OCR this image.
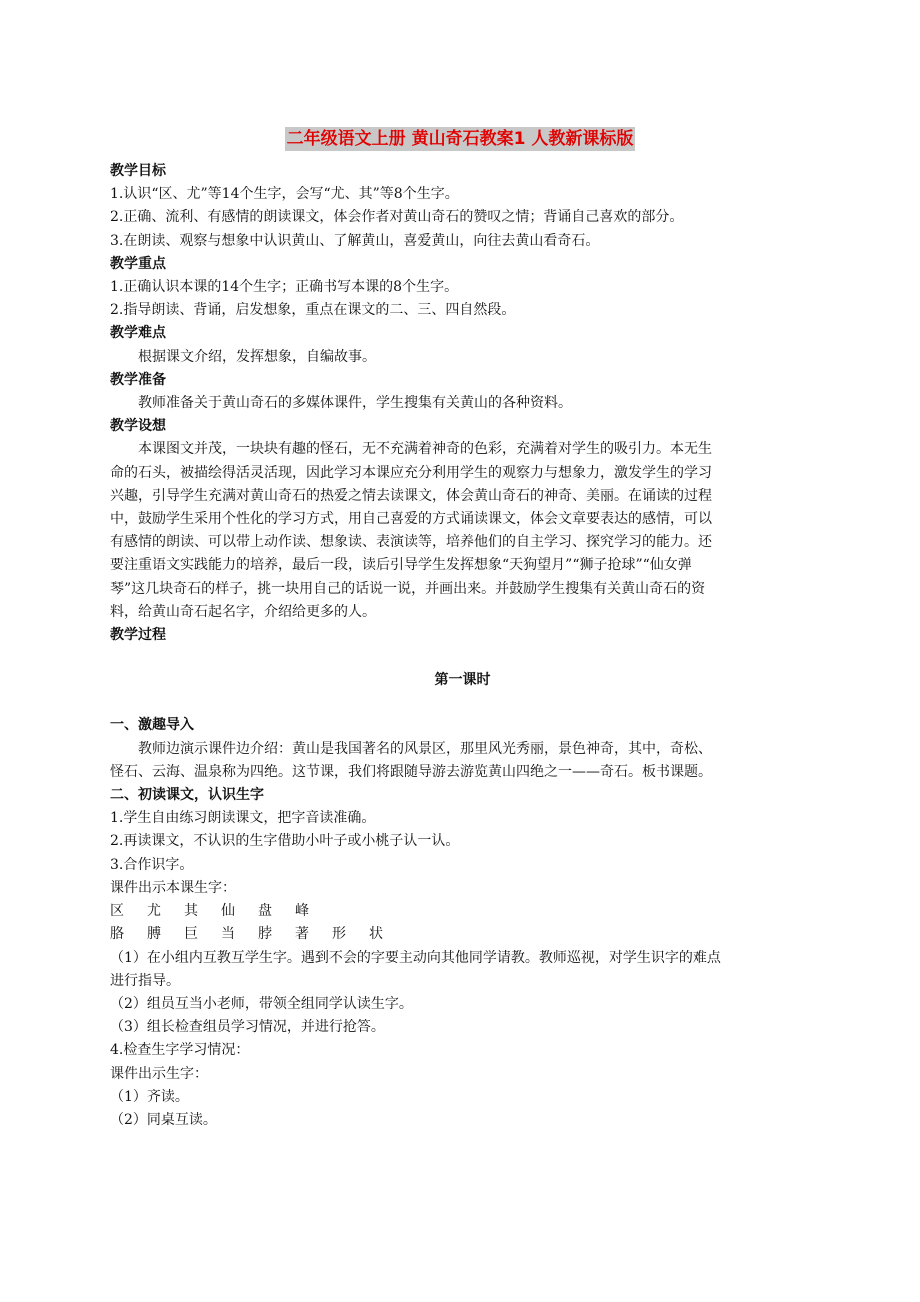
二年级语文上册 黄山奇石教案1 人教新课标版
教学目标
1.认识“区、尤”等14个生字，会写“尤、其”等8个生字。
2.正确、流利、有感情的朗读课文，体会作者对黄山奇石的赞叹之情；背诵自己喜欢的部分。
3.在朗读、观察与想象中认识黄山、了解黄山，喜爱黄山，向往去黄山看奇石。
教学重点
1.正确认识本课的14个生字；正确书写本课的8个生字。
2.指导朗读、背诵，启发想象，重点在课文的二、三、四自然段。
教学难点
根据课文介绍，发挥想象，自编故事。
教学准备
教师准备关于黄山奇石的多媒体课件，学生搜集有关黄山的各种资料。
教学设想
本课图文并茂，一块块有趣的怪石，无不充满着神奇的色彩，充满着对学生的吸引力。本无生
命的石头，被描绘得活灵活现，因此学习本课应充分利用学生的观察力与想象力，激发学生的学习
兴趣，引导学生充满对黄山奇石的热爱之情去读课文，体会黄山奇石的神奇、美丽。在诵读的过程
中，鼓励学生采用个性化的学习方式，用自己喜爱的方式诵读课文，体会文章要表达的感情，可以
有感情的朗读、可以带上动作读、想象读、表演读等，培养他们的自主学习、探究学习的能力。还
要注重语文实践能力的培养，最后一段，读后引导学生发挥想象“天狗望月”“狮子抢球”“仙女弹
琴”这几块奇石的样子，挑一块用自己的话说一说，并画出来。并鼓励学生搜集有关黄山奇石的资
料，给黄山奇石起名字，介绍给更多的人。
教学过程
第一课时
一、激趣导入
教师边演示课件边介绍：黄山是我国著名的风景区，那里风光秀丽，景色神奇，其中，奇松、
怪石、云海、温泉称为四绝。这节课，我们将跟随导游去游览黄山四绝之一——奇石。板书课题。
二、初读课文，认识生字
1.学生自由练习朗读课文，把字音读准确。
2.再读课文，不认识的生字借助小叶子或小桃子认一认。
3.合作识字。
课件出示本课生字：
区 尤 其 仙 盘 峰
胳 膊 巨 当 脖 著 形 状
（1）在小组内互教互学生字。遇到不会的字要主动向其他同学请教。教师巡视，对学生识字的难点
进行指导。
（2）组员互当小老师，带领全组同学认读生字。
（3）组长检查组员学习情况，并进行抢答。
4.检查生字学习情况：
课件出示生字：
（1）齐读。
（2）同桌互读。
